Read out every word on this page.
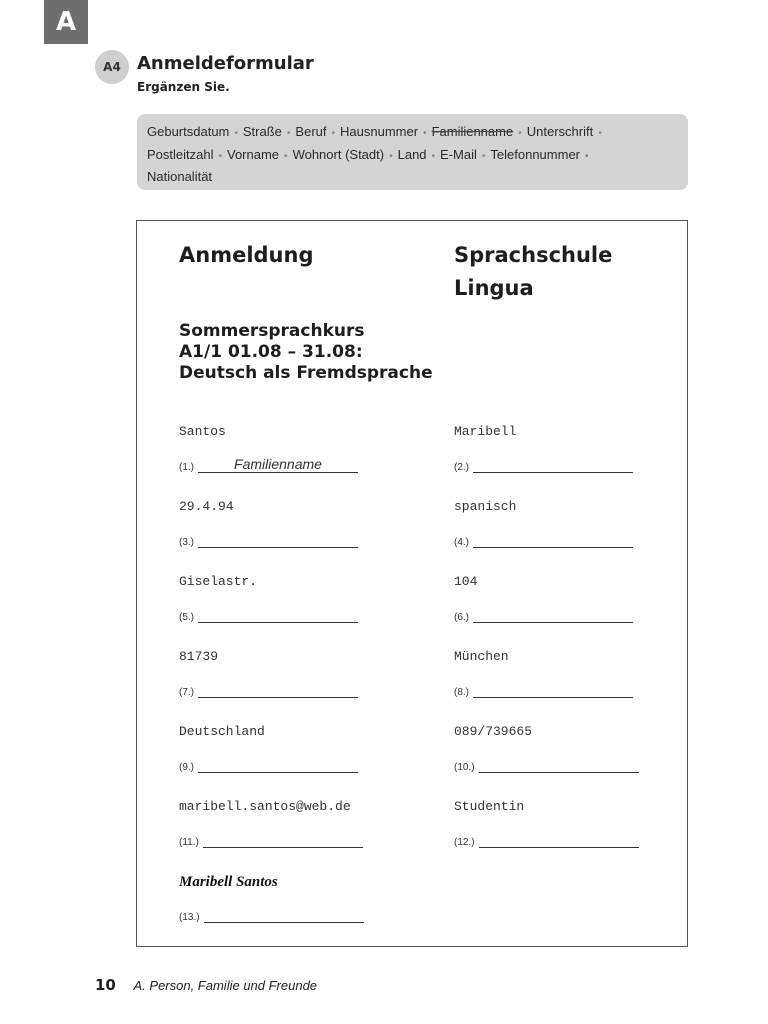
A
A4 Anmeldeformular
Ergänzen Sie.
Geburtsdatum • Straße • Beruf • Hausnummer • Familienname • Unterschrift •
Postleitzahl • Vorname • Wohnort (Stadt) • Land • E-Mail • Telefonnummer •
Nationalität
Anmeldung	Sprachschule
Lingua
Sommersprachkurs
A1/1 01.08 – 31.08:
Deutsch als Fremdsprache
Santos
(1.)	Familienname
Maribell
(2.)
29.4.94
(3.)
spanisch
(4.)
Giselastr.
(5.)
104
(6.)
81739
(7.)
München
(8.)
Deutschland
(9.)
089/739665
(10.)
maribell.santos@web.de
(11.)
Studentin
(12.)
Maribell Santos
(13.)
10 A. Person, Familie und Freunde
